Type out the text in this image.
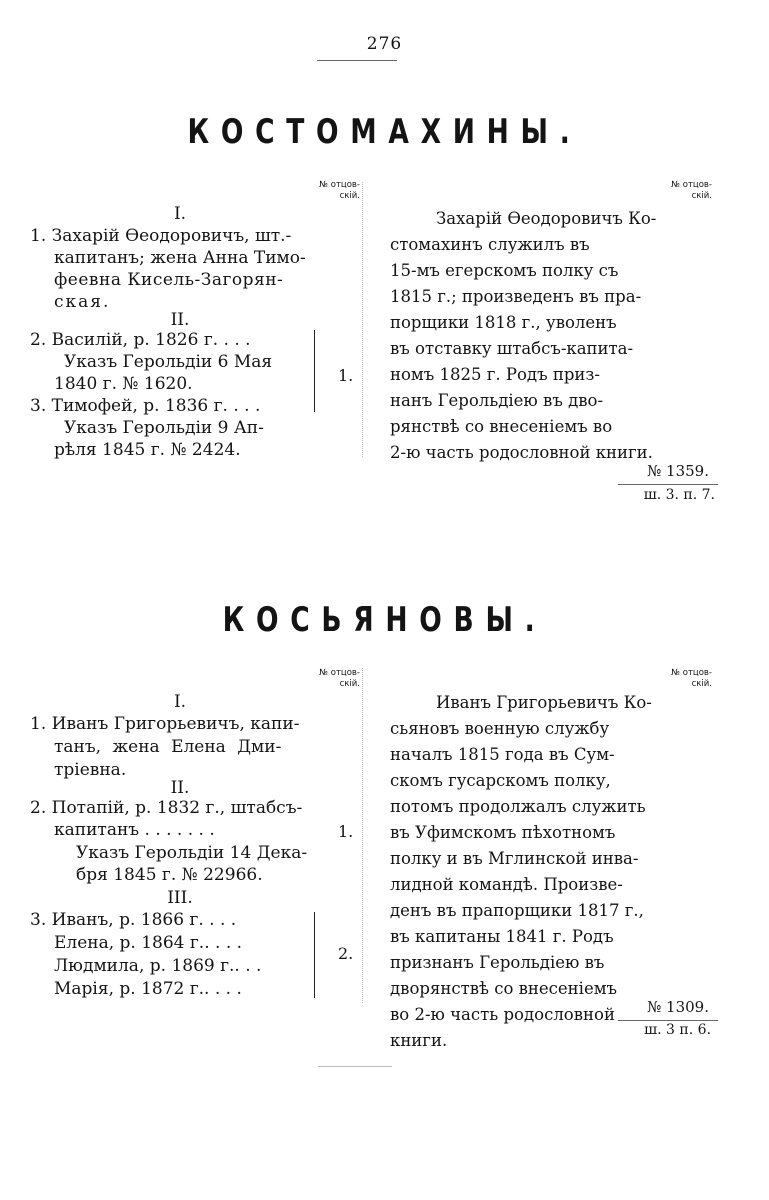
276
КОСТОМАХИНЫ.
№ отцов-
скій.
№ отцов-
скій.
I.
1. Захарій Өеодоровичъ, шт.-
капитанъ; жена Анна Тимо-
феевна Кисель-Загорян-
ская.
II.
2. Василій, р. 1826 г. . . .
Указъ Герольдіи 6 Мая
1840 г. № 1620.
3. Тимофей, р. 1836 г. . . .
Указъ Герольдіи 9 Ап-
рѣля 1845 г. № 2424.
1.
Захарій Өеодоровичъ Ко-
стомахинъ служилъ въ
15-мъ егерскомъ полку съ
1815 г.; произведенъ въ пра-
порщики 1818 г., уволенъ
въ отставку штабсъ-капита-
номъ 1825 г. Родъ приз-
нанъ Герольдіею въ дво-
рянствѣ со внесеніемъ во
2-ю часть родословной книги.
№ 1359.
ш. 3. п. 7.
КОСЬЯНОВЫ.
№ отцов-
скій.
№ отцов-
скій.
I.
1. Иванъ Григорьевичъ, капи-
танъ, жена Елена Дми-
тріевна.
II.
2. Потапій, р. 1832 г., штабсъ-
капитанъ . . . . . . .	1.
Указъ Герольдіи 14 Дека-
бря 1845 г. № 22966.
III.
3. Иванъ, р. 1866 г. . . .
Елена, р. 1864 г.. . . .
Людмила, р. 1869 г.. . .
Марія, р. 1872 г.. . . .
2.
Иванъ Григорьевичъ Ко-
сьяновъ военную службу
началъ 1815 года въ Сум-
скомъ гусарскомъ полку,
потомъ продолжалъ служить
въ Уфимскомъ пѣхотномъ
полку и въ Мглинской инва-
лидной командѣ. Произве-
денъ въ прапорщики 1817 г.,
въ капитаны 1841 г. Родъ
признанъ Герольдіею въ
дворянствѣ со внесеніемъ
во 2-ю часть родословной
книги.
№ 1309.
ш. 3 п. 6.
